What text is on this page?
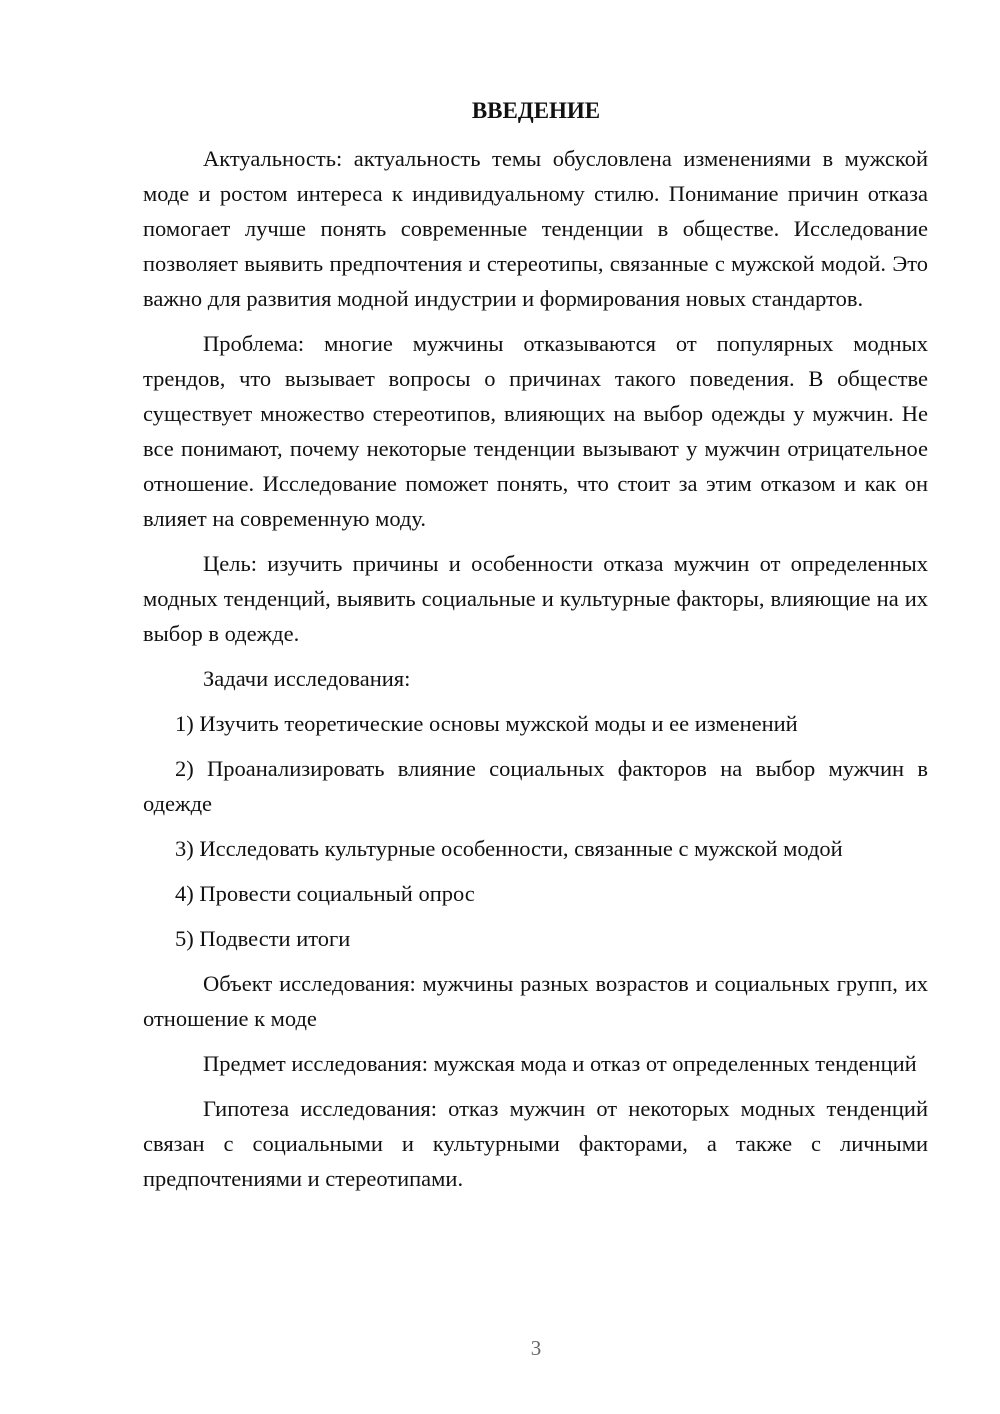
ВВЕДЕНИЕ

Актуальность: актуальность темы обусловлена изменениями в мужской моде и ростом интереса к индивидуальному стилю. Понимание причин отказа помогает лучше понять современные тенденции в обществе. Исследование позволяет выявить предпочтения и стереотипы, связанные с мужской модой. Это важно для развития модной индустрии и формирования новых стандартов.

Проблема: многие мужчины отказываются от популярных модных трендов, что вызывает вопросы о причинах такого поведения. В обществе существует множество стереотипов, влияющих на выбор одежды у мужчин. Не все понимают, почему некоторые тенденции вызывают у мужчин отрицательное отношение. Исследование поможет понять, что стоит за этим отказом и как он влияет на современную моду.

Цель: изучить причины и особенности отказа мужчин от определенных модных тенденций, выявить социальные и культурные факторы, влияющие на их выбор в одежде.

Задачи исследования:

1) Изучить теоретические основы мужской моды и ее изменений

2) Проанализировать влияние социальных факторов на выбор мужчин в одежде

3) Исследовать культурные особенности, связанные с мужской модой

4) Провести социальный опрос

5) Подвести итоги

Объект исследования: мужчины разных возрастов и социальных групп, их отношение к моде

Предмет исследования: мужская мода и отказ от определенных тенденций

Гипотеза исследования: отказ мужчин от некоторых модных тенденций связан с социальными и культурными факторами, а также с личными предпочтениями и стереотипами.

3
